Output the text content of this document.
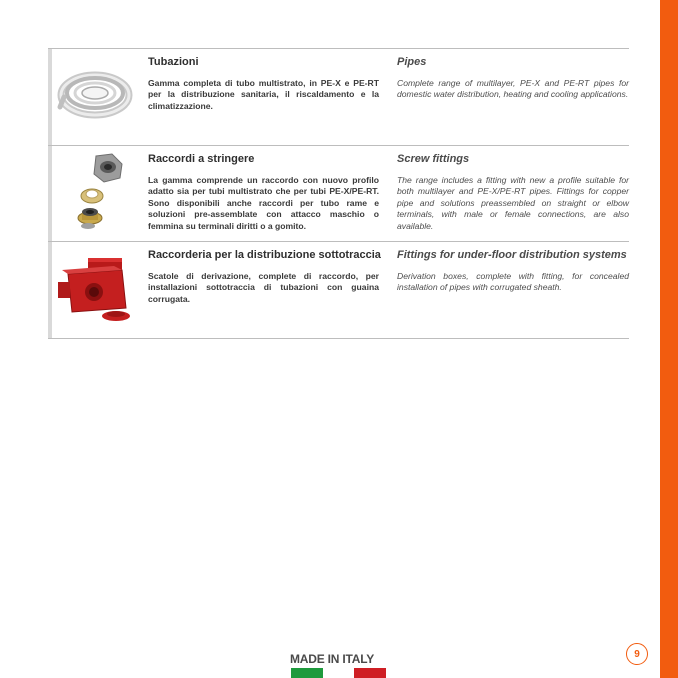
Tubazioni

Gamma completa di tubo multistrato, in PE-X e PE-RT per la distribuzione sanitaria, il riscaldamento e la climatizzazione.

Pipes

Complete range of multilayer, PE-X and PE-RT pipes for domestic water distribution, heating and cooling applications.

Raccordi a stringere

La gamma comprende un raccordo con nuovo profilo adatto sia per tubi multistrato che per tubi PE-X/PE-RT. Sono disponibili anche raccordi per tubo rame e soluzioni pre-assemblate con attacco maschio o femmina su terminali diritti o a gomito.

Screw fittings

The range includes a fitting with new a profile suitable for both multilayer and PE-X/PE-RT pipes. Fittings for copper pipe and solutions preassembled on straight or elbow terminals, with male or female connections, are also available.

Raccorderia per la distribuzione sottotraccia

Scatole di derivazione, complete di raccordo, per installazioni sottotraccia di tubazioni con guaina corrugata.

Fittings for under-floor distribution systems

Derivation boxes, complete with fitting, for concealed installation of pipes with corrugated sheath.

9
MADE IN ITALY
